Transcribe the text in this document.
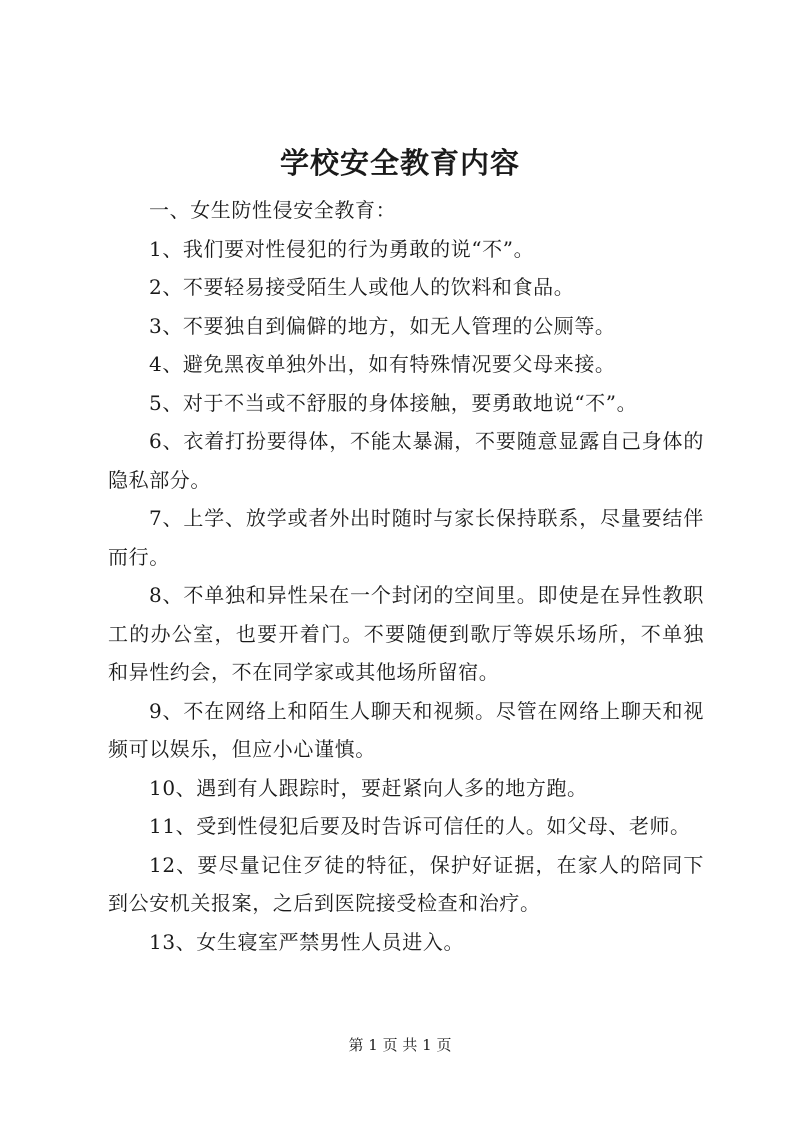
学校安全教育内容

一、女生防性侵安全教育：

1、我们要对性侵犯的行为勇敢的说“不”。

2、不要轻易接受陌生人或他人的饮料和食品。

3、不要独自到偏僻的地方，如无人管理的公厕等。

4、避免黑夜单独外出，如有特殊情况要父母来接。

5、对于不当或不舒服的身体接触，要勇敢地说“不”。

6、衣着打扮要得体，不能太暴漏，不要随意显露自己身体的隐私部分。

7、上学、放学或者外出时随时与家长保持联系，尽量要结伴而行。

8、不单独和异性呆在一个封闭的空间里。即使是在异性教职工的办公室，也要开着门。不要随便到歌厅等娱乐场所，不单独和异性约会，不在同学家或其他场所留宿。

9、不在网络上和陌生人聊天和视频。尽管在网络上聊天和视频可以娱乐，但应小心谨慎。

10、遇到有人跟踪时，要赶紧向人多的地方跑。

11、受到性侵犯后要及时告诉可信任的人。如父母、老师。

12、要尽量记住歹徒的特征，保护好证据，在家人的陪同下到公安机关报案，之后到医院接受检查和治疗。

13、女生寝室严禁男性人员进入。

第 1 页 共 1 页
